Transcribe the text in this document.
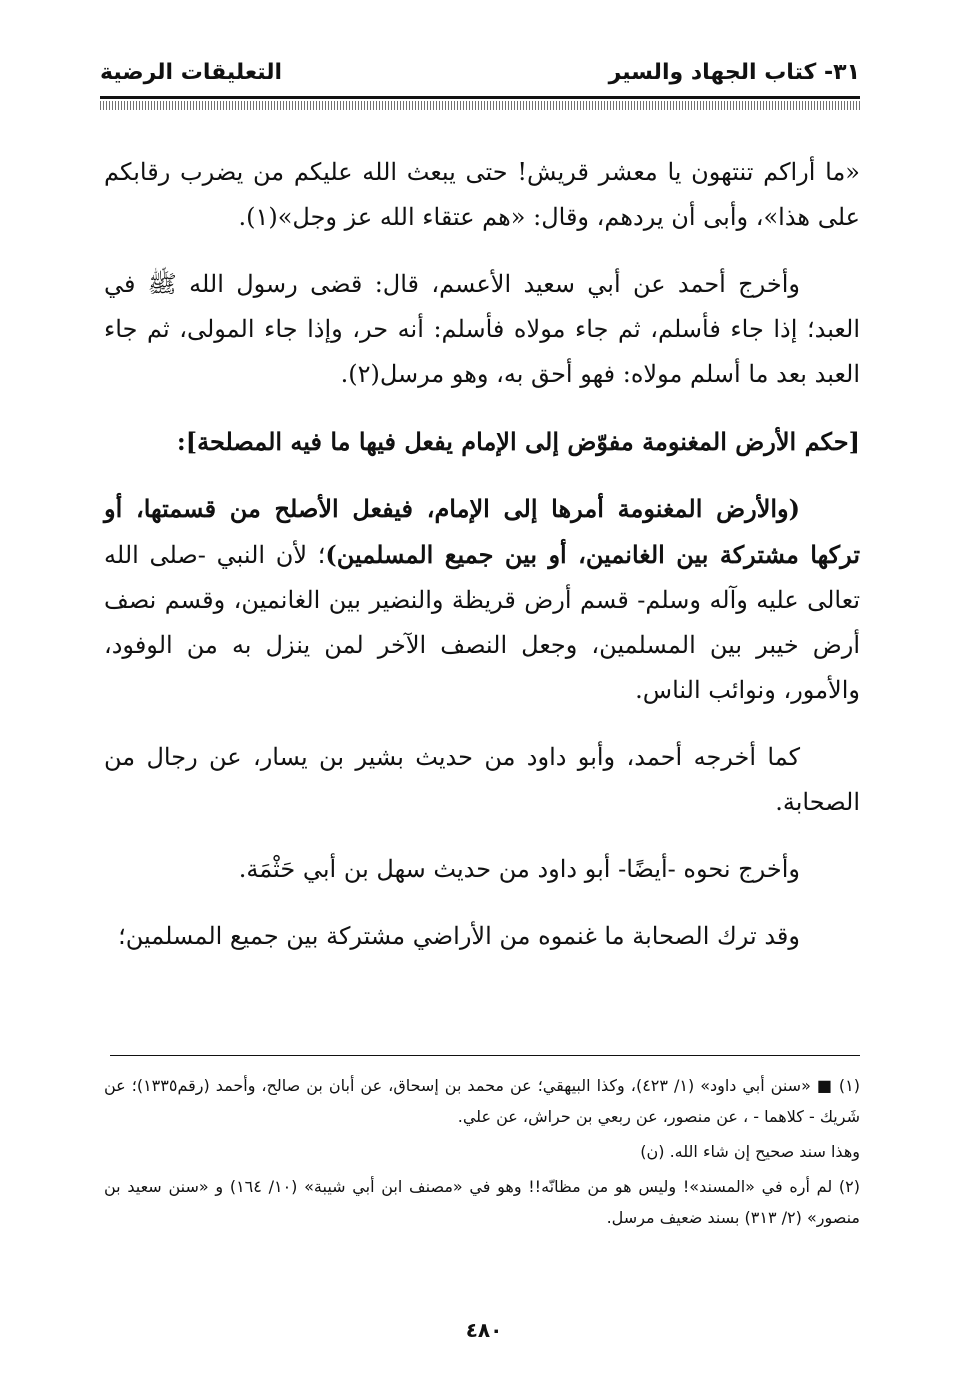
٣١- كتاب الجهاد والسير
التعليقات الرضية

«ما أراكم تنتهون يا معشر قريش! حتى يبعث الله عليكم من يضرب رقابكم على هذا»، وأبى أن يردهم، وقال: «هم عتقاء الله عز وجل»(١).

وأخرج أحمد عن أبي سعيد الأعسم، قال: قضى رسول الله ﷺ في العبد؛ إذا جاء فأسلم، ثم جاء مولاه فأسلم: أنه حر، وإذا جاء المولى، ثم جاء العبد بعد ما أسلم مولاه: فهو أحق به، وهو مرسل(٢).

[حكم الأرض المغنومة مفوّض إلى الإمام يفعل فيها ما فيه المصلحة]:

(والأرض المغنومة أمرها إلى الإمام، فيفعل الأصلح من قسمتها، أو تركها مشتركة بين الغانمين، أو بين جميع المسلمين)؛ لأن النبي -صلى الله تعالى عليه وآله وسلم- قسم أرض قريظة والنضير بين الغانمين، وقسم نصف أرض خيبر بين المسلمين، وجعل النصف الآخر لمن ينزل به من الوفود، والأمور، ونوائب الناس.

كما أخرجه أحمد، وأبو داود من حديث بشير بن يسار، عن رجال من الصحابة.

وأخرج نحوه -أيضًا- أبو داود من حديث سهل بن أبي حَثْمَة.

وقد ترك الصحابة ما غنموه من الأراضي مشتركة بين جميع المسلمين؛

(١) ■ «سنن أبي داود» (١/ ٤٢٣)، وكذا البيهقي؛ عن محمد بن إسحاق، عن أبان بن صالح، وأحمد (رقم١٣٣٥)؛ عن شَريك - كلاهما - ، عن منصور، عن ربعي بن حراش، عن علي.

وهذا سند صحيح إن شاء الله. (ن)

(٢) لم أره في «المسند»! وليس هو من مظانّه!! وهو في «مصنف ابن أبي شيبة» (١٠/ ١٦٤) و «سنن سعيد بن منصور» (٢/ ٣١٣) بسند ضعيف مرسل.

٤٨٠
